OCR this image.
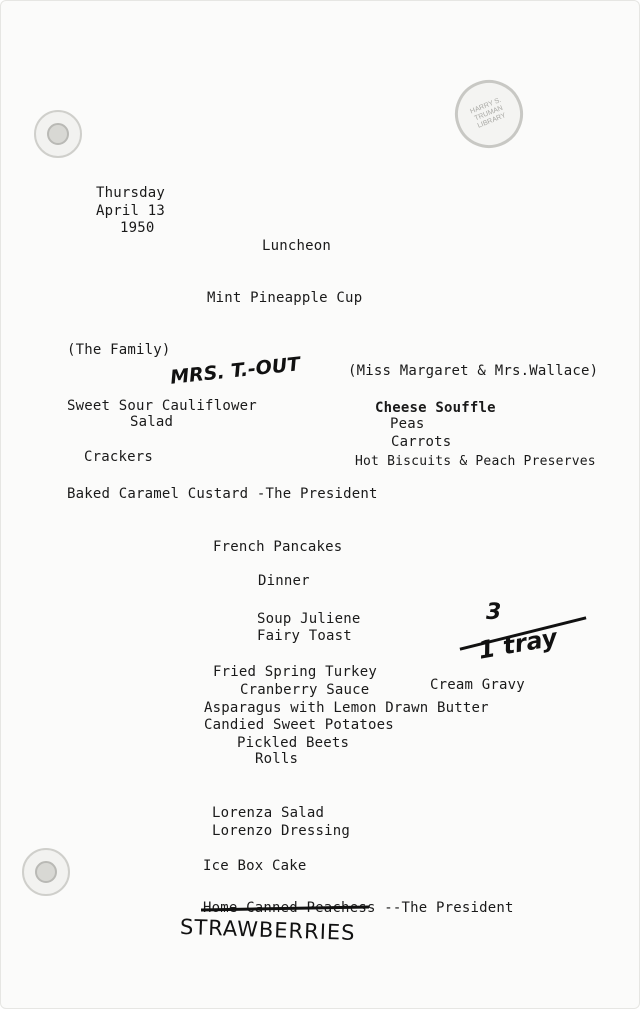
HARRY S. TRUMAN LIBRARY
Thursday
April 13
1950
Luncheon
Mint Pineapple Cup
(The Family)
MRS. T.-OUT	(Miss Margaret & Mrs.Wallace)
Sweet Sour Cauliflower
Salad
Crackers
Cheese Souffle
Peas
Carrots
Hot Biscuits & Peach Preserves
Baked Caramel Custard -The President
French Pancakes
Dinner
Soup Juliene
Fairy Toast
3
1 tray
Fried Spring Turkey
Cranberry Sauce	Cream Gravy
Asparagus with Lemon Drawn Butter
Candied Sweet Potatoes
Pickled Beets
Rolls
Lorenza Salad
Lorenzo Dressing
Ice Box Cake
Home Canned Peachess --The President
STRAWBERRIES
